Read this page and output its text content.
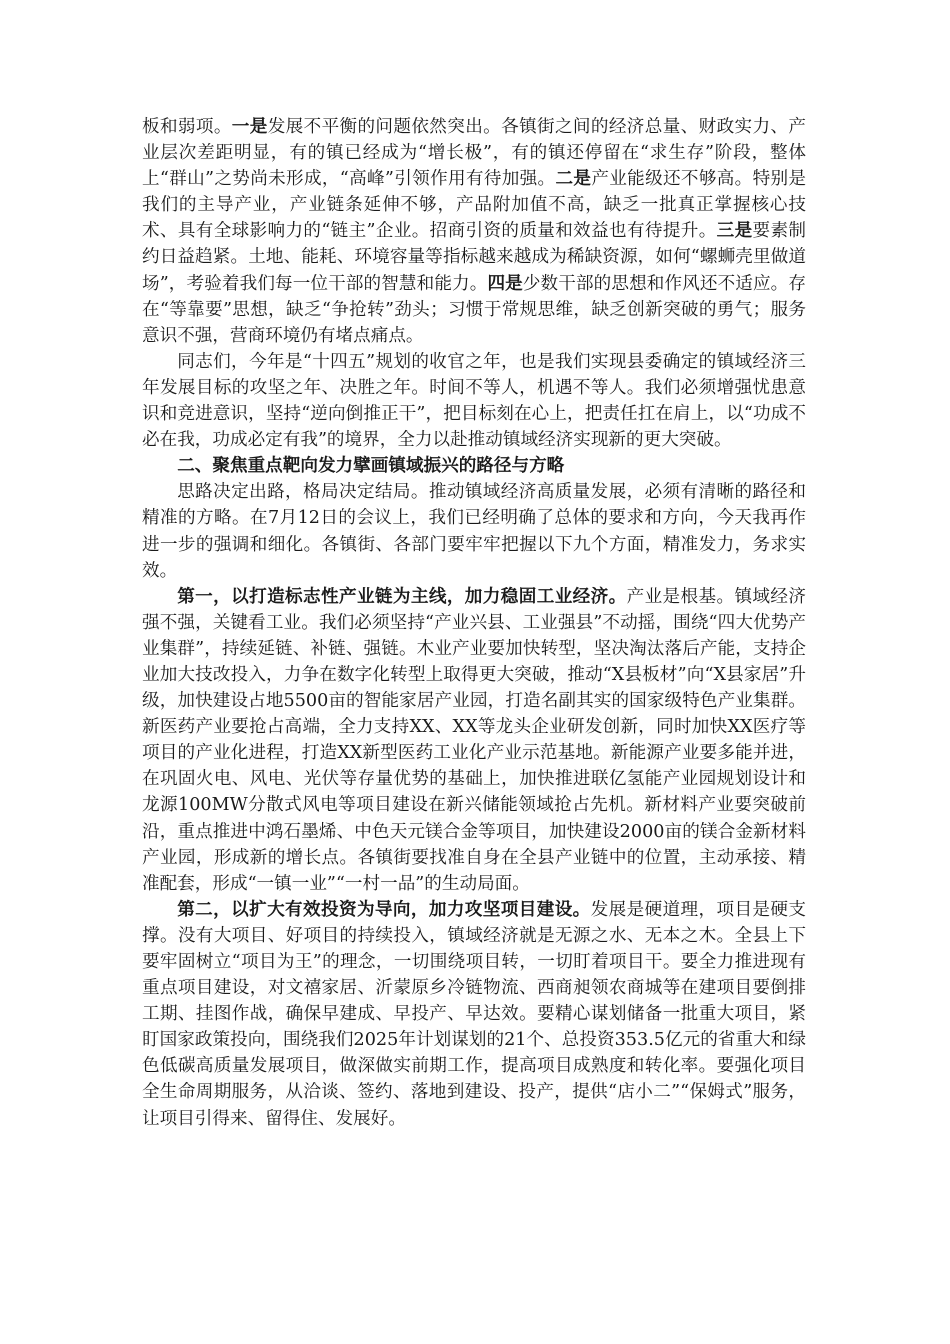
板和弱项。一是发展不平衡的问题依然突出。各镇街之间的经济总量、财政实力、产业层次差距明显，有的镇已经成为“增长极”，有的镇还停留在“求生存”阶段，整体上“群山”之势尚未形成，“高峰”引领作用有待加强。二是产业能级还不够高。特别是我们的主导产业，产业链条延伸不够，产品附加值不高，缺乏一批真正掌握核心技术、具有全球影响力的“链主”企业。招商引资的质量和效益也有待提升。三是要素制约日益趋紧。土地、能耗、环境容量等指标越来越成为稀缺资源，如何“螺蛳壳里做道场”，考验着我们每一位干部的智慧和能力。四是少数干部的思想和作风还不适应。存在“等靠要”思想，缺乏“争抢转”劲头；习惯于常规思维，缺乏创新突破的勇气；服务意识不强，营商环境仍有堵点痛点。

同志们，今年是“十四五”规划的收官之年，也是我们实现县委确定的镇域经济三年发展目标的攻坚之年、决胜之年。时间不等人，机遇不等人。我们必须增强忧患意识和竞进意识，坚持“逆向倒推正干”，把目标刻在心上，把责任扛在肩上，以“功成不必在我，功成必定有我”的境界，全力以赴推动镇域经济实现新的更大突破。

二、聚焦重点靶向发力擘画镇域振兴的路径与方略

思路决定出路，格局决定结局。推动镇域经济高质量发展，必须有清晰的路径和精准的方略。在7月12日的会议上，我们已经明确了总体的要求和方向，今天我再作进一步的强调和细化。各镇街、各部门要牢牢把握以下九个方面，精准发力，务求实效。

第一，以打造标志性产业链为主线，加力稳固工业经济。产业是根基。镇域经济强不强，关键看工业。我们必须坚持“产业兴县、工业强县”不动摇，围绕“四大优势产业集群”，持续延链、补链、强链。木业产业要加快转型，坚决淘汰落后产能，支持企业加大技改投入，力争在数字化转型上取得更大突破，推动“X县板材”向“X县家居”升级，加快建设占地5500亩的智能家居产业园，打造名副其实的国家级特色产业集群。新医药产业要抢占高端，全力支持XX、XX等龙头企业研发创新，同时加快XX医疗等项目的产业化进程，打造XX新型医药工业化产业示范基地。新能源产业要多能并进，在巩固火电、风电、光伏等存量优势的基础上，加快推进联亿氢能产业园规划设计和龙源100MW分散式风电等项目建设在新兴储能领域抢占先机。新材料产业要突破前沿，重点推进中鸿石墨烯、中色天元镁合金等项目，加快建设2000亩的镁合金新材料产业园，形成新的增长点。各镇街要找准自身在全县产业链中的位置，主动承接、精准配套，形成“一镇一业”“一村一品”的生动局面。

第二，以扩大有效投资为导向，加力攻坚项目建设。发展是硬道理，项目是硬支撑。没有大项目、好项目的持续投入，镇域经济就是无源之水、无本之木。全县上下要牢固树立“项目为王”的理念，一切围绕项目转，一切盯着项目干。要全力推进现有重点项目建设，对文禧家居、沂蒙原乡冷链物流、西商昶领农商城等在建项目要倒排工期、挂图作战，确保早建成、早投产、早达效。要精心谋划储备一批重大项目，紧盯国家政策投向，围绕我们2025年计划谋划的21个、总投资353.5亿元的省重大和绿色低碳高质量发展项目，做深做实前期工作，提高项目成熟度和转化率。要强化项目全生命周期服务，从洽谈、签约、落地到建设、投产，提供“店小二”“保姆式”服务，让项目引得来、留得住、发展好。
